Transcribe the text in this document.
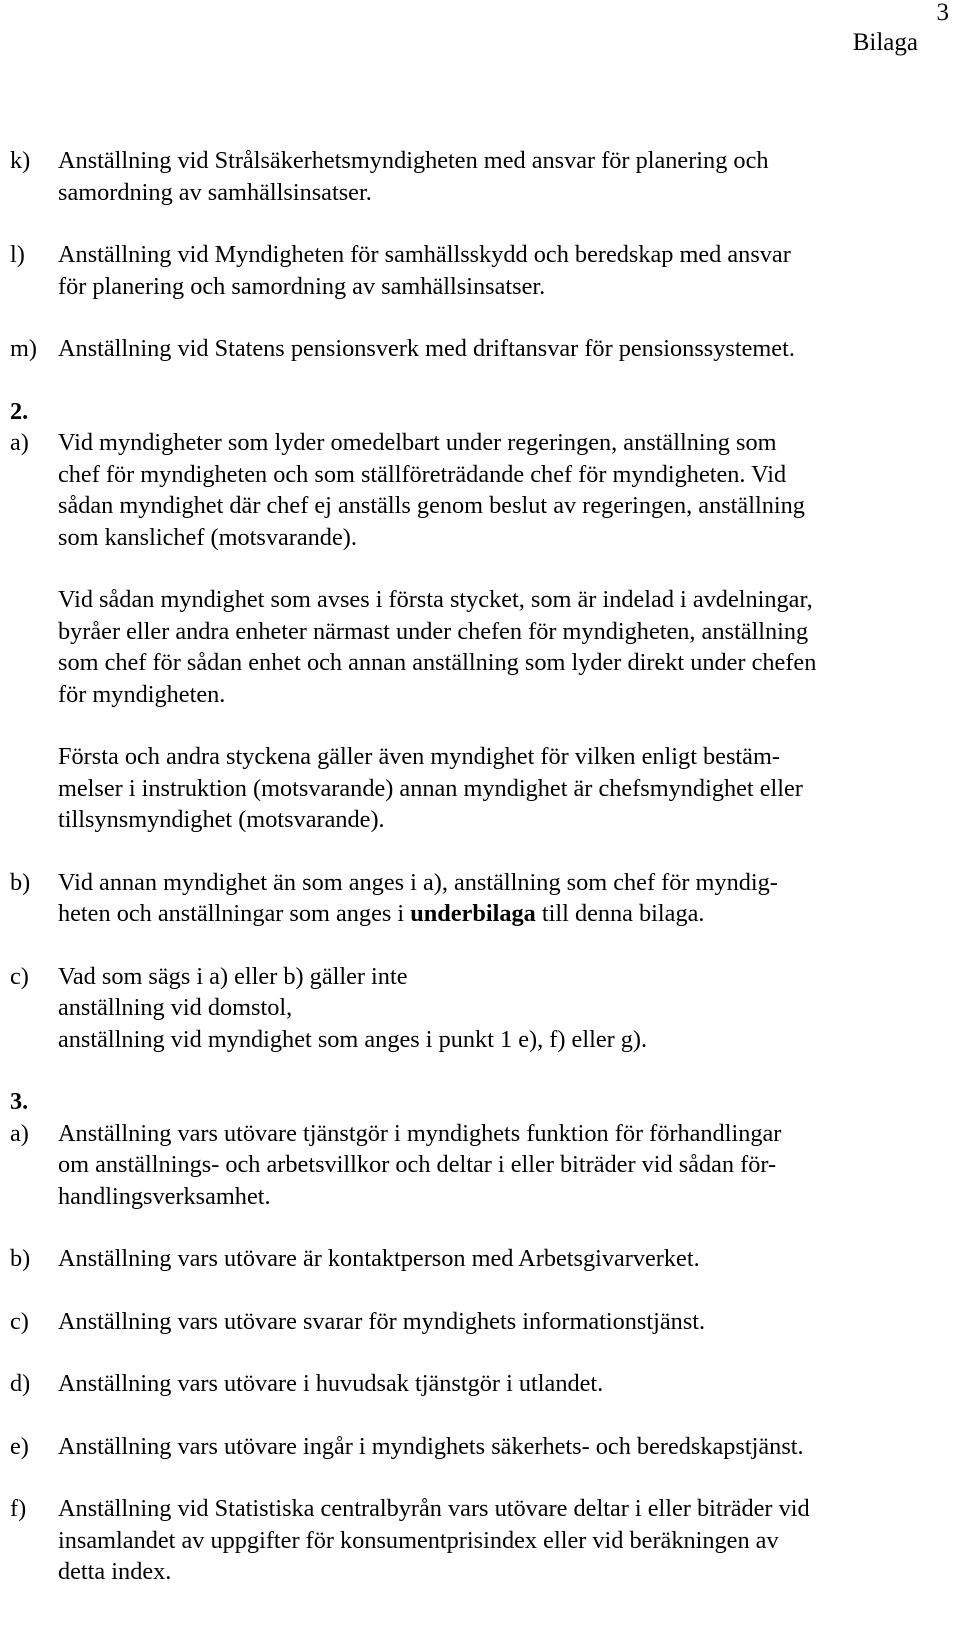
3
Bilaga
k) Anställning vid Strålsäkerhetsmyndigheten med ansvar för planering och
samordning av samhällsinsatser.
l) Anställning vid Myndigheten för samhällsskydd och beredskap med ansvar
för planering och samordning av samhällsinsatser.
m) Anställning vid Statens pensionsverk med driftansvar för pensionssystemet.
2.
a) Vid myndigheter som lyder omedelbart under regeringen, anställning som
chef för myndigheten och som ställföreträdande chef för myndigheten. Vid
sådan myndighet där chef ej anställs genom beslut av regeringen, anställning
som kanslichef (motsvarande).
Vid sådan myndighet som avses i första stycket, som är indelad i avdelningar,
byråer eller andra enheter närmast under chefen för myndigheten, anställning
som chef för sådan enhet och annan anställning som lyder direkt under chefen
för myndigheten.
Första och andra styckena gäller även myndighet för vilken enligt bestäm-
melser i instruktion (motsvarande) annan myndighet är chefsmyndighet eller
tillsynsmyndighet (motsvarande).
b) Vid annan myndighet än som anges i a), anställning som chef för myndig-
heten och anställningar som anges i underbilaga till denna bilaga.
c) Vad som sägs i a) eller b) gäller inte
anställning vid domstol,
anställning vid myndighet som anges i punkt 1 e), f) eller g).
3.
a) Anställning vars utövare tjänstgör i myndighets funktion för förhandlingar
om anställnings- och arbetsvillkor och deltar i eller biträder vid sådan för-
handlingsverksamhet.
b) Anställning vars utövare är kontaktperson med Arbetsgivarverket.
c) Anställning vars utövare svarar för myndighets informationstjänst.
d) Anställning vars utövare i huvudsak tjänstgör i utlandet.
e) Anställning vars utövare ingår i myndighets säkerhets- och beredskapstjänst.
f) Anställning vid Statistiska centralbyrån vars utövare deltar i eller biträder vid
insamlandet av uppgifter för konsumentprisindex eller vid beräkningen av
detta index.
